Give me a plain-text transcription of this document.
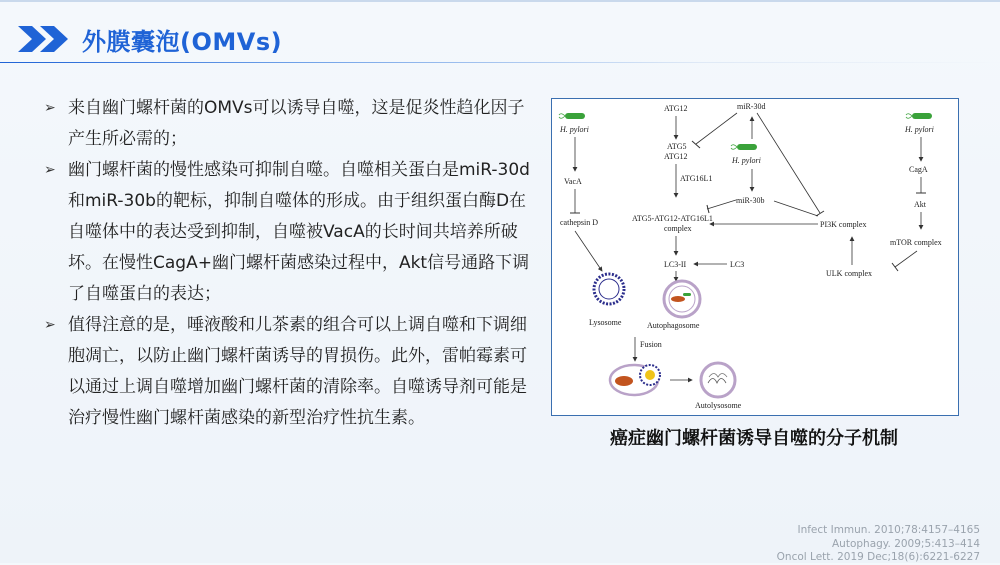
外膜囊泡(OMVs)
➢ 来自幽门螺杆菌的OMVs可以诱导自噬，这是促炎性趋化因子产生所必需的；
➢ 幽门螺杆菌的慢性感染可抑制自噬。自噬相关蛋白是miR-30d和miR-30b的靶标，抑制自噬体的形成。由于组织蛋白酶D在自噬体中的表达受到抑制，自噬被VacA的长时间共培养所破坏。在慢性CagA+幽门螺杆菌感染过程中，Akt信号通路下调了自噬蛋白的表达；
➢ 值得注意的是，唾液酸和儿茶素的组合可以上调自噬和下调细胞凋亡，以防止幽门螺杆菌诱导的胃损伤。此外，雷帕霉素可以通过上调自噬增加幽门螺杆菌的清除率。自噬诱导剂可能是治疗慢性幽门螺杆菌感染的新型治疗性抗生素。
H. pylori
VacA
cathepsin D
Lysosome
ATG12
ATG5
ATG12
ATG16L1
miR-30d
H. pylori
miR-30b
ATG5-ATG12-ATG16L1
complex
LC3-II	LC3
Autophagosome
Fusion
Autolysosome
H. pylori
CagA
Akt
mTOR complex
PI3K complex
ULK complex
癌症幽门螺杆菌诱导自噬的分子机制
Infect Immun. 2010;78:4157–4165
Autophagy. 2009;5:413–414
Oncol Lett. 2019 Dec;18(6):6221-6227
